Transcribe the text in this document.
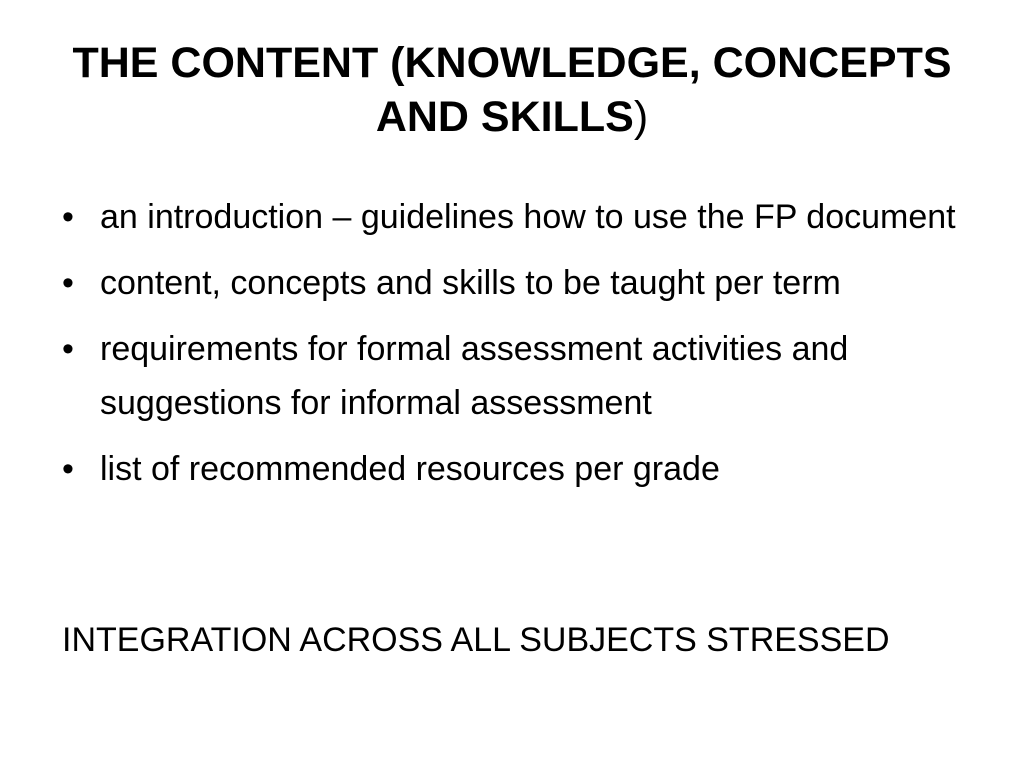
THE CONTENT (KNOWLEDGE, CONCEPTS AND SKILLS)
• an introduction – guidelines how to use the FP document
• content, concepts and skills to be taught per term
• requirements for formal assessment activities and suggestions for informal assessment
• list of recommended resources per grade

INTEGRATION ACROSS ALL SUBJECTS STRESSED
